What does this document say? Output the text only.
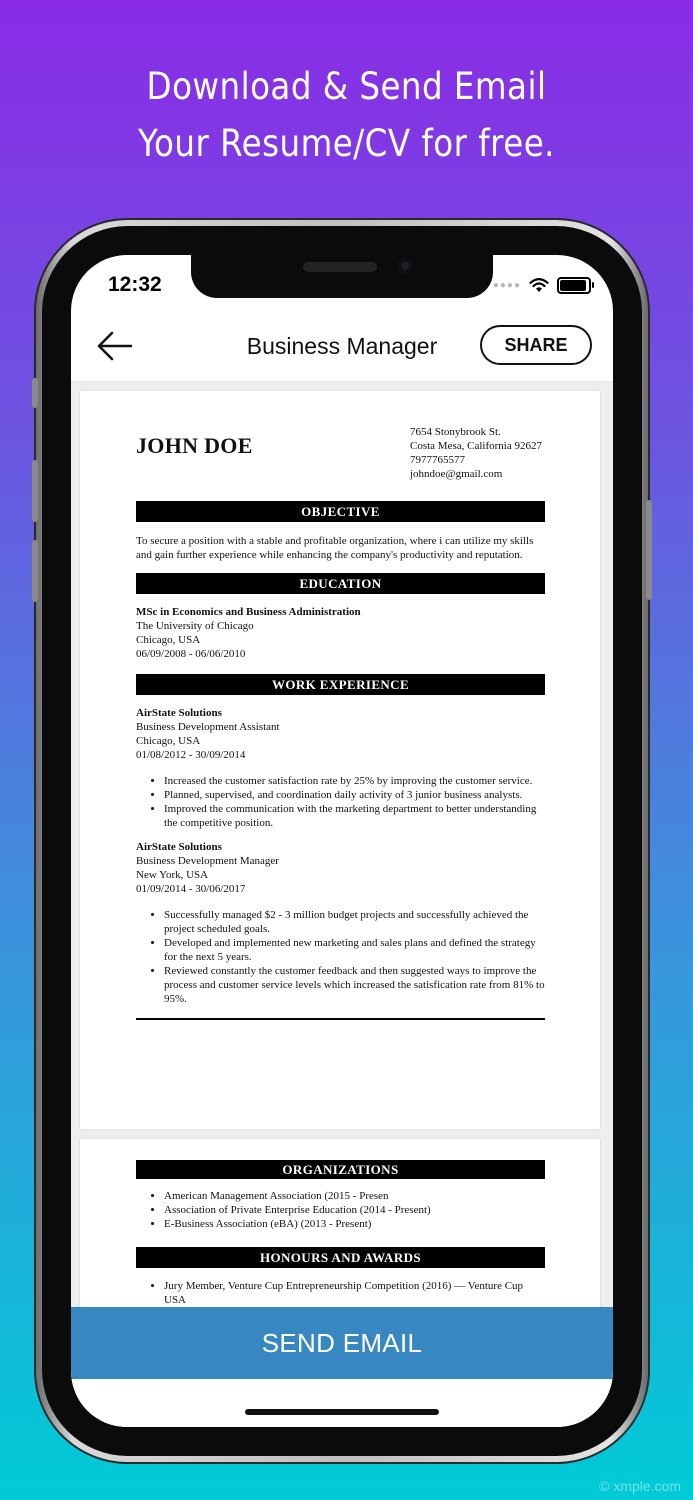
Download & Send Email
Your Resume/CV for free.
12:32	●●●●
Business Manager	SHARE
JOHN DOE
7654 Stonybrook St.
Costa Mesa, California 92627
7977765577
johndoe@gmail.com
OBJECTIVE
To secure a position with a stable and profitable organization, where i can utilize my skills
and gain further experience while enhancing the company's productivity and reputation.
EDUCATION
MSc in Economics and Business Administration
The University of Chicago
Chicago, USA
06/09/2008 - 06/06/2010
WORK EXPERIENCE
AirState Solutions
Business Development Assistant
Chicago, USA
01/08/2012 - 30/09/2014
• Increased the customer satisfaction rate by 25% by improving the customer service.
• Planned, supervised, and coordination daily activity of 3 junior business analysts.
• Improved the communication with the marketing department to better understanding the competitive position.
AirState Solutions
Business Development Manager
New York, USA
01/09/2014 - 30/06/2017
• Successfully managed $2 - 3 million budget projects and successfully achieved the project scheduled goals.
• Developed and implemented new marketing and sales plans and defined the strategy for the next 5 years.
• Reviewed constantly the customer feedback and then suggested ways to improve the process and customer service levels which increased the satisfication rate from 81% to 95%.
ORGANIZATIONS
• American Management Association (2015 - Presen
• Association of Private Enterprise Education (2014 - Present)
• E-Business Association (eBA) (2013 - Present)
HONOURS AND AWARDS
• Jury Member, Venture Cup Entrepreneurship Competition (2016) — Venture Cup USA
SEND EMAIL
© xmple.com
